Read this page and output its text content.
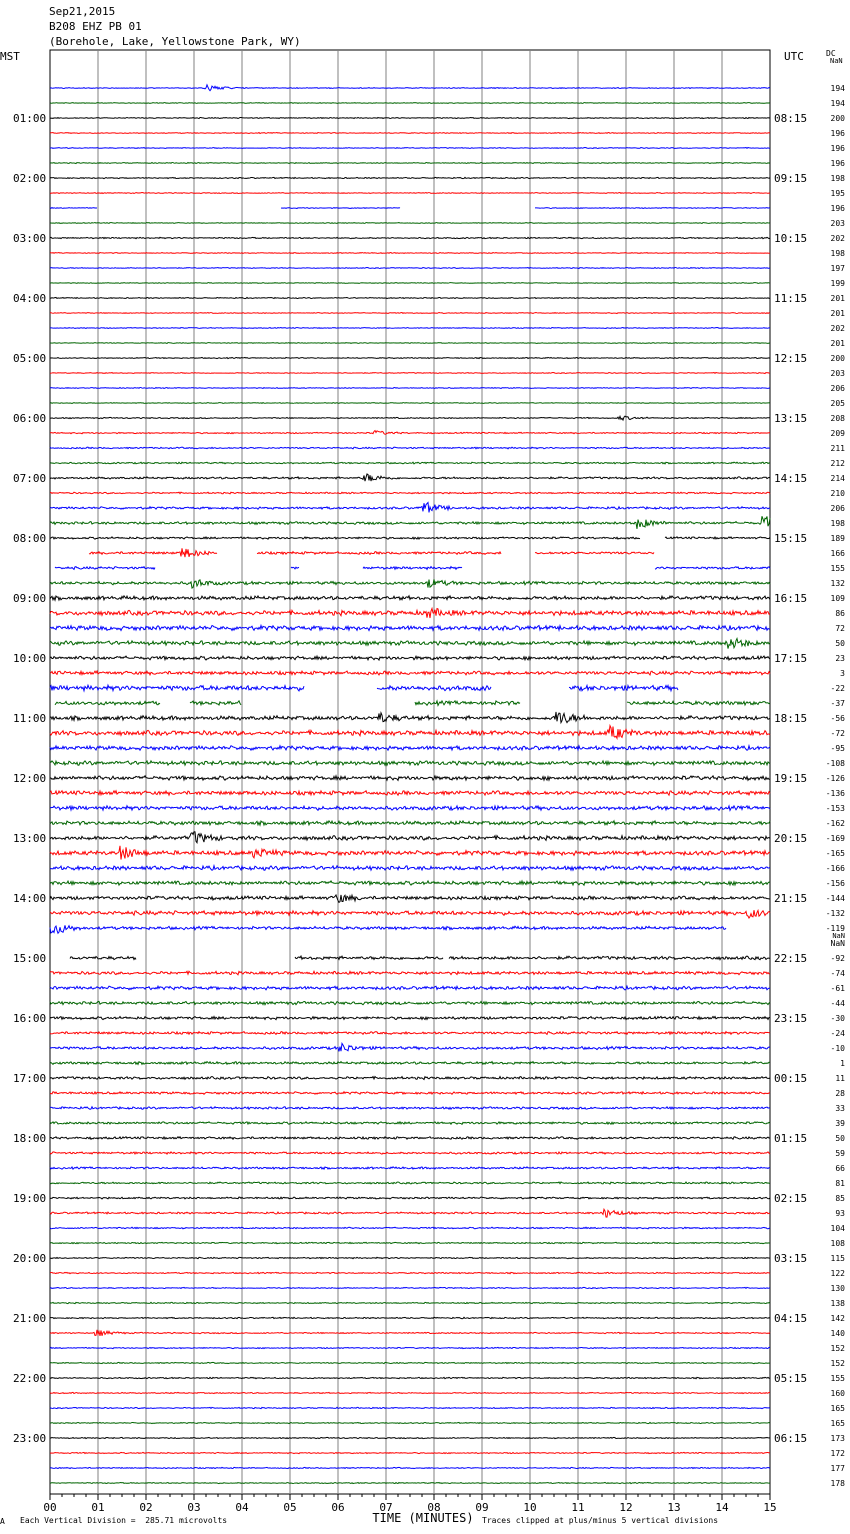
Sep21,2015
B208 EHZ PB 01
(Borehole, Lake, Yellowstone Park, WY)
MST	UTC	DC
NaN
00	01	02	03	04	05	06	07	08	09	10	11	12	13	14	15
01:00
02:00
03:00
04:00
05:00
06:00
07:00
08:00
09:00
10:00
11:00
12:00
13:00
14:00
15:00
16:00
17:00
18:00
19:00
20:00
21:00
22:00
23:00
08:15
09:15
10:15
11:15
12:15
13:15
14:15
15:15
16:15
17:15
18:15
19:15
20:15
21:15
22:15
23:15
00:15
01:15
02:15
03:15
04:15
05:15
06:15
194
194
200
196
196
196
198
195
196
203
202
198
197
199
201
201
202
201
200
203
206
205
208
209
211
212
214
210
206
198
189
166
155
132
109
86
72
50
23
3
-22
-37
-56
-72
-95
-108
-126
-136
-153
-162
-169
-165
-166
-156
-144
-132
-119
NaN
-92
-74
-61
-44
-30
-24
-10
1
11
28
33
39
50
59
66
81
85
93
104
108
115
122
130
138
142
140
152
152
155
160
165
165
173
172
177
178
NaN
TIME (MINUTES)
A Each Vertical Division =  285.71 microvolts	Traces clipped at plus/minus 5 vertical divisions
